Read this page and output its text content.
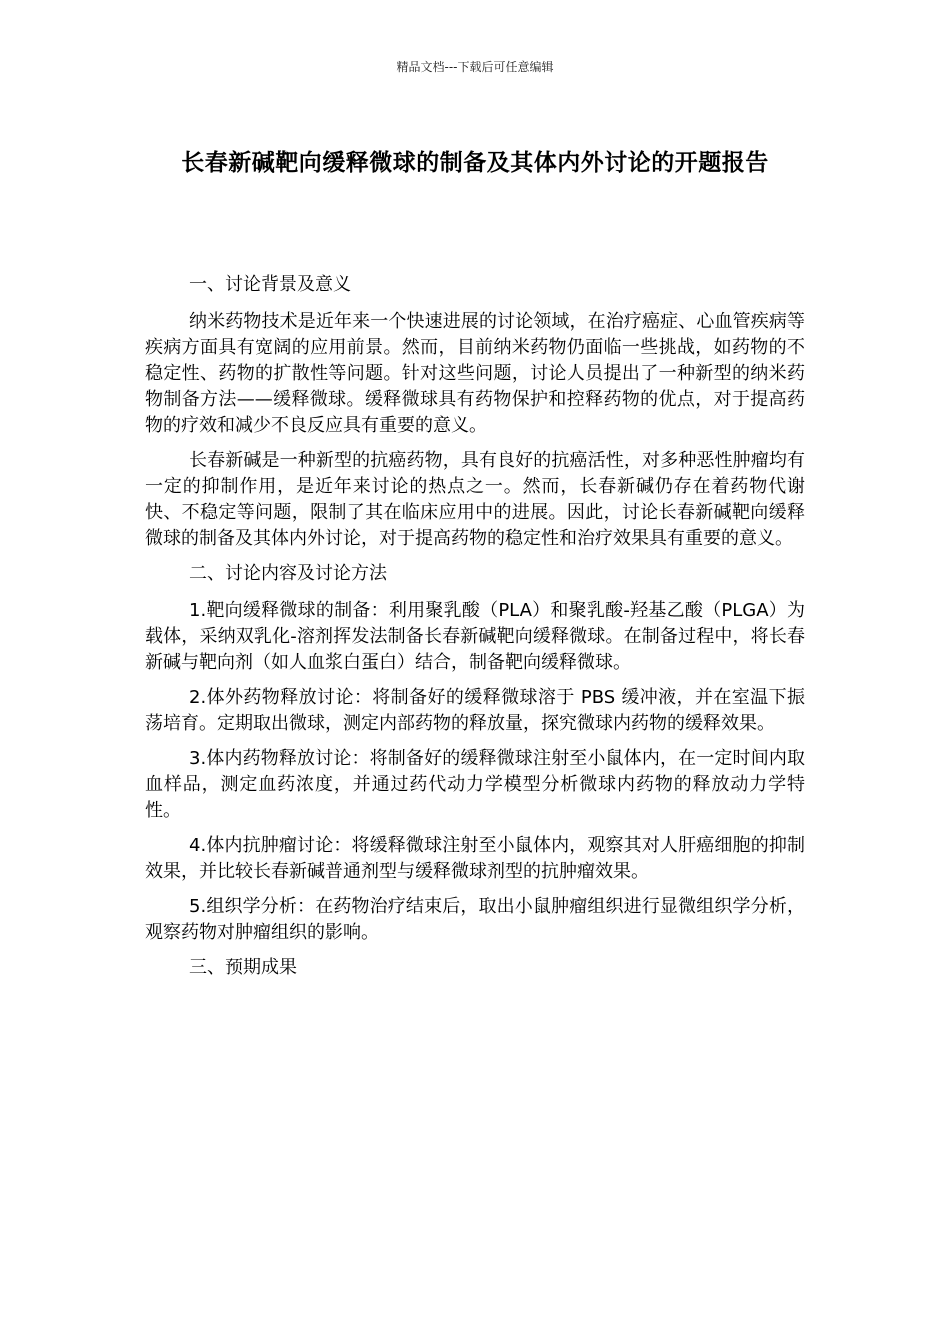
精品文档---下载后可任意编辑
长春新碱靶向缓释微球的制备及其体内外讨论的开题报告

一、讨论背景及意义

纳米药物技术是近年来一个快速进展的讨论领域，在治疗癌症、心血管疾病等疾病方面具有宽阔的应用前景。然而，目前纳米药物仍面临一些挑战，如药物的不稳定性、药物的扩散性等问题。针对这些问题，讨论人员提出了一种新型的纳米药物制备方法——缓释微球。缓释微球具有药物保护和控释药物的优点，对于提高药物的疗效和减少不良反应具有重要的意义。

长春新碱是一种新型的抗癌药物，具有良好的抗癌活性，对多种恶性肿瘤均有一定的抑制作用，是近年来讨论的热点之一。然而，长春新碱仍存在着药物代谢快、不稳定等问题，限制了其在临床应用中的进展。因此，讨论长春新碱靶向缓释微球的制备及其体内外讨论，对于提高药物的稳定性和治疗效果具有重要的意义。

二、讨论内容及讨论方法

1.靶向缓释微球的制备：利用聚乳酸（PLA）和聚乳酸-羟基乙酸（PLGA）为载体，采纳双乳化-溶剂挥发法制备长春新碱靶向缓释微球。在制备过程中，将长春新碱与靶向剂（如人血浆白蛋白）结合，制备靶向缓释微球。

2.体外药物释放讨论：将制备好的缓释微球溶于 PBS 缓冲液，并在室温下振荡培育。定期取出微球，测定内部药物的释放量，探究微球内药物的缓释效果。

3.体内药物释放讨论：将制备好的缓释微球注射至小鼠体内，在一定时间内取血样品，测定血药浓度，并通过药代动力学模型分析微球内药物的释放动力学特性。

4.体内抗肿瘤讨论：将缓释微球注射至小鼠体内，观察其对人肝癌细胞的抑制效果，并比较长春新碱普通剂型与缓释微球剂型的抗肿瘤效果。

5.组织学分析：在药物治疗结束后，取出小鼠肿瘤组织进行显微组织学分析，观察药物对肿瘤组织的影响。

三、预期成果
